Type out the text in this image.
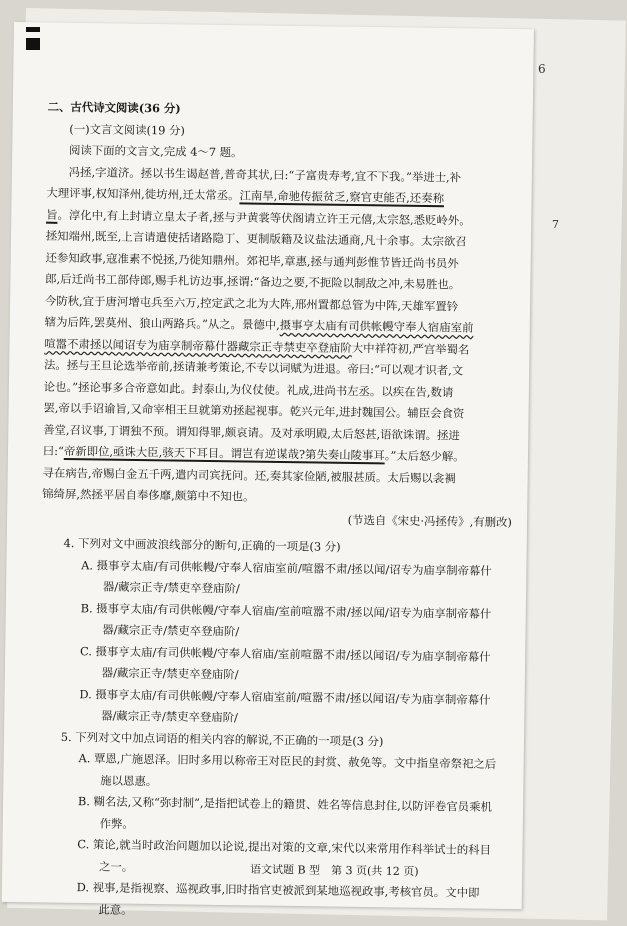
6
7
二、古代诗文阅读(36 分)
(一)文言文阅读(19 分)
阅读下面的文言文,完成 4～7 题。
冯拯,字道济。拯以书生谒赵普,普奇其状,曰:“子富贵寿考,宜不下我。”举进士,补
大理评事,权知泽州,徙坊州,迁太常丞。江南旱,命驰传振贫乏,察官吏能否,还奏称
旨。淳化中,有上封请立皇太子者,拯与尹黄裳等伏阁请立许王元僖,太宗怒,悉贬岭外。
拯知端州,既至,上言请遣使括诸路隐丁、更制版籍及议盐法通商,凡十余事。太宗欲召
还参知政事,寇准素不悦拯,乃徙知鼎州。郊祀毕,章惠,拯与通判彭惟节皆迁尚书员外
郎,后迁尚书工部侍郎,赐手札访边事,拯谓:“备边之要,不扼险以制敌之冲,未易胜也。
今防秋,宜于唐河增屯兵至六万,控定武之北为大阵,邢州置都总管为中阵,天雄军置钤
辖为后阵,罢莫州、狼山两路兵。”从之。景德中,摄事亨太庙有司供帐幔守奉人宿庙室前
喧嚣不肃拯以闻诏专为庙享制帝幕什器藏宗正寺禁吏卒登庙阶大中祥符初,严宫举蜀名
法。拯与王旦论选举帝前,拯请兼考策论,不专以词赋为进退。帝曰:“可以观才识者,文
论也。”拯论事多合帝意如此。封泰山,为仪仗使。礼成,进尚书左丞。以疾在告,数请
罢,帝以手诏谕旨,又命宰相王旦就第劝拯起视事。乾兴元年,进封魏国公。辅臣会食资
善堂,召议事,丁谓独不预。谓知得罪,颇哀请。及对承明殿,太后怒甚,语欲诛谓。拯进
曰:“帝新即位,亟诛大臣,骇天下耳目。谓岂有逆谋哉?第失奏山陵事耳。”太后怒少解。
寻在病告,帝赐白金五千两,遣内司宾抚问。还,奏其家俭陋,被服甚质。太后赐以衾裯
锦绮屏,然拯平居自奉侈靡,颇第中不知也。
(节选自《宋史·冯拯传》,有删改)
4. 下列对文中画波浪线部分的断句,正确的一项是(3 分)
A. 摄事亨太庙/有司供帐幔/守奉人宿庙室前/喧嚣不肃/拯以闻/诏专为庙享制帝幕什
器/藏宗正寺/禁吏卒登庙阶/
B. 摄事亨太庙/有司供帐幔/守奉人宿庙/室前喧嚣不肃/拯以闻/诏专为庙享制帝幕什
器/藏宗正寺/禁吏卒登庙阶/
C. 摄事亨太庙/有司供帐幔/守奉人宿庙/室前喧嚣不肃/拯以闻诏/专为庙享制帝幕什
器/藏宗正寺/禁吏卒登庙阶/
D. 摄事亨太庙/有司供帐幔/守奉人宿庙室前/喧嚣不肃/拯以闻诏/专为庙享制帝幕什
器/藏宗正寺/禁吏卒登庙阶/
5. 下列对文中加点词语的相关内容的解说,不正确的一项是(3 分)
A. 覃恩,广施恩泽。旧时多用以称帝王对臣民的封赏、赦免等。文中指皇帝祭祀之后
施以恩惠。
B. 糊名法,又称“弥封制”,是指把试卷上的籍贯、姓名等信息封住,以防评卷官员乘机
作弊。
C. 策论,就当时政治问题加以论说,提出对策的文章,宋代以来常用作科举试士的科目
之一。
D. 视事,是指视察、巡视政事,旧时指官吏被派到某地巡视政事,考核官员。文中即
此意。
语文试题 B 型　第 3 页(共 12 页)
